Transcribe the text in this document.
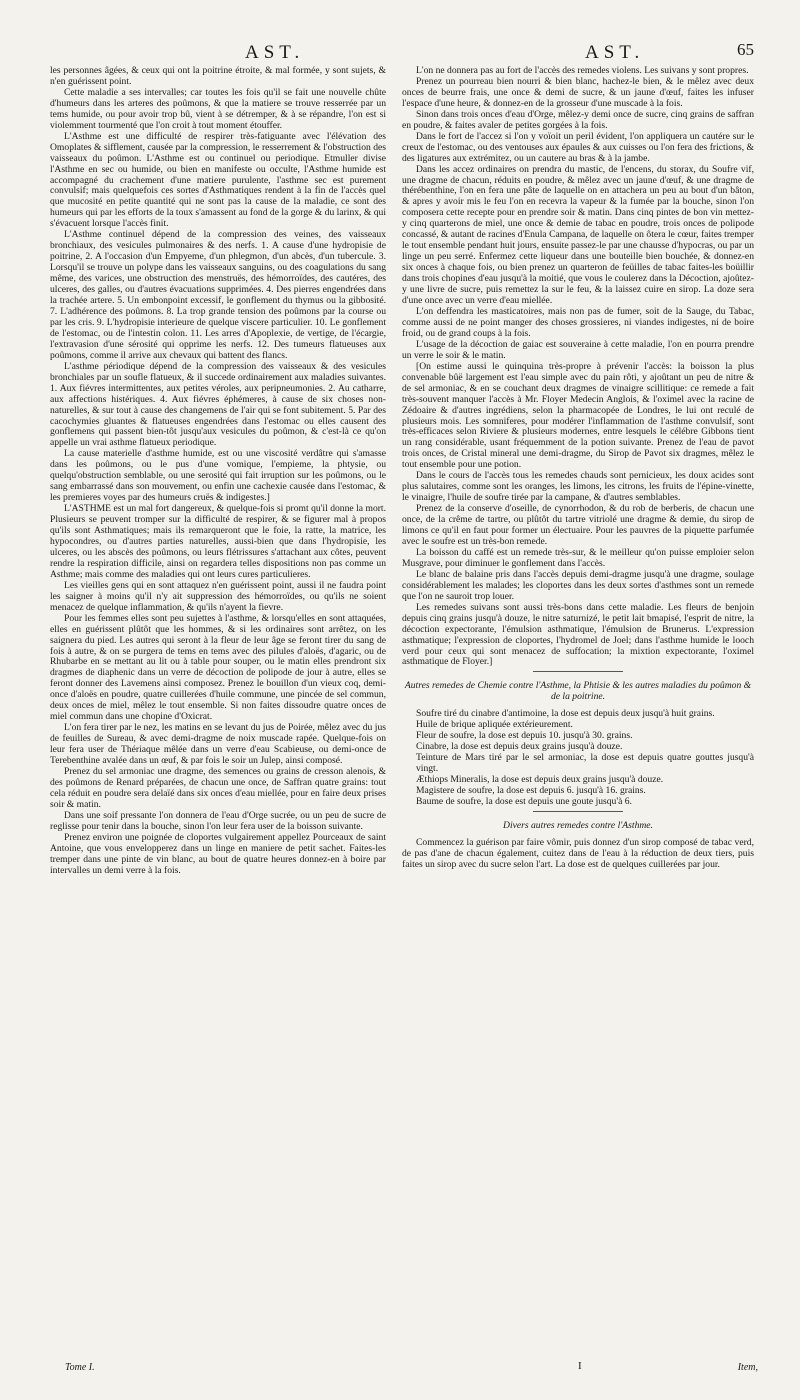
AST.	AST.	65

les personnes âgées, & ceux qui ont la poitrine étroite, & mal formée, y sont sujets, & n'en guérissent point.

Cette maladie a ses intervalles; car toutes les fois qu'il se fait une nouvelle chûte d'humeurs dans les arteres des poûmons, & que la matiere se trouve resserrée par un tems humide, ou pour avoir trop bû, vient à se détremper, & à se répandre, l'on est si violemment tourmenté que l'on croit à tout moment étouffer.

L'Asthme est une difficulté de respirer très-fatiguante avec l'élévation des Omoplates & sifflement, causée par la compression, le resserrement & l'obstruction des vaisseaux du poûmon. L'Asthme est ou continuel ou periodique. Etmuller divise l'Asthme en sec ou humide, ou bien en manifeste ou occulte, l'Asthme humide est accompagné du crachement d'une matiere purulente, l'asthme sec est purement convulsif; mais quelquefois ces sortes d'Asthmatiques rendent à la fin de l'accès quel que mucosité en petite quantité qui ne sont pas la cause de la maladie, ce sont des humeurs qui par les efforts de la toux s'amassent au fond de la gorge & du larinx, & qui s'évacuent lorsque l'accès finit.

L'Asthme continuel dépend de la compression des veines, des vaisseaux bronchiaux, des vesicules pulmonaires & des nerfs. 1. A cause d'une hydropisie de poitrine, 2. A l'occasion d'un Empyeme, d'un phlegmon, d'un abcès, d'un tubercule. 3. Lorsqu'il se trouve un polype dans les vaisseaux sanguins, ou des coagulations du sang même, des varices, une obstruction des menstruës, des hémorroïdes, des cautéres, des ulceres, des galles, ou d'autres évacuations supprimées. 4. Des pierres engendrées dans la trachée artere. 5. Un embonpoint excessif, le gonflement du thymus ou la gibbosité. 7. L'adhérence des poûmons. 8. La trop grande tension des poûmons par la course ou par les cris. 9. L'hydropisie interieure de quelque viscere particulier. 10. Le gonflement de l'estomac, ou de l'intestin colon. 11. Les arres d'Apoplexie, de vertige, de l'écargie, l'extravasion d'une sérosité qui opprime les nerfs. 12. Des tumeurs flatueuses aux poûmons, comme il arrive aux chevaux qui battent des flancs.

L'asthme périodique dépend de la compression des vaisseaux & des vesicules bronchiales par un soufle flatueux, & il succede ordinairement aux maladies suivantes. 1. Aux fiévres intermittentes, aux petites véroles, aux peripneumonies. 2. Au catharre, aux affections histériques. 4. Aux fiévres éphémeres, à cause de six choses non-naturelles, & sur tout à cause des changemens de l'air qui se font subitement. 5. Par des cacochymies gluantes & flatueuses engendrées dans l'estomac ou elles causent des gonflemens qui passent bien-tôt jusqu'aux vesicules du poûmon, & c'est-là ce qu'on appelle un vrai asthme flatueux periodique.

La cause materielle d'asthme humide, est ou une viscosité verdâtre qui s'amasse dans les poûmons, ou le pus d'une vomique, l'empieme, la phtysie, ou quelqu'obstruction semblable, ou une serosité qui fait irruption sur les poûmons, ou le sang embarrassé dans son mouvement, ou enfin une cachexie causée dans l'estomac, & les premieres voyes par des humeurs cruës & indigestes.]

L'ASTHME est un mal fort dangereux, & quelque-fois si promt qu'il donne la mort. Plusieurs se peuvent tromper sur la difficulté de respirer, & se figurer mal à propos qu'ils sont Asthmatiques; mais ils remarqueront que le foie, la ratte, la matrice, les hypocondres, ou d'autres parties naturelles, aussi-bien que dans l'hydropisie, les ulceres, ou les abscès des poûmons, ou leurs flétrissures s'attachant aux côtes, peuvent rendre la respiration difficile, ainsi on regardera telles dispositions non pas comme un Asthme; mais comme des maladies qui ont leurs cures particulieres.

Les vieilles gens qui en sont attaquez n'en guérissent point, aussi il ne faudra point les saigner à moins qu'il n'y ait suppression des hémorroïdes, ou qu'ils ne soient menacez de quelque inflammation, & qu'ils n'ayent la fievre.

Pour les femmes elles sont peu sujettes à l'asthme, & lorsqu'elles en sont attaquées, elles en guérissent plûtôt que les hommes, & si les ordinaires sont arrêtez, on les saignera du pied. Les autres qui seront à la fleur de leur âge se feront tirer du sang de fois à autre, & on se purgera de tems en tems avec des pilules d'aloës, d'agaric, ou de Rhubarbe en se mettant au lit ou à table pour souper, ou le matin elles prendront six dragmes de diaphenic dans un verre de décoction de polipode de jour à autre, elles se feront donner des Lavemens ainsi composez. Prenez le bouillon d'un vieux coq, demi-once d'aloës en poudre, quatre cuillerées d'huile commune, une pincée de sel commun, deux onces de miel, mêlez le tout ensemble. Si non faites dissoudre quatre onces de miel commun dans une chopine d'Oxicrat.

L'on fera tirer par le nez, les matins en se levant du jus de Poirée, mêlez avec du jus de feuilles de Sureau, & avec demi-dragme de noix muscade rapée. Quelque-fois on leur fera user de Thériaque mêlée dans un verre d'eau Scabieuse, ou demi-once de Terebenthine avalée dans un œuf, & par fois le soir un Julep, ainsi composé.

Prenez du sel armoniac une dragme, des semences ou grains de cresson alenois, & des poûmons de Renard préparées, de chacun une once, de Saffran quatre grains: tout cela réduit en poudre sera delaïé dans six onces d'eau miellée, pour en faire deux prises soir & matin.

Dans une soif pressante l'on donnera de l'eau d'Orge sucrée, ou un peu de sucre de reglisse pour tenir dans la bouche, sinon l'on leur fera user de la boisson suivante.

Prenez environ une poignée de cloportes vulgairement appellez Pourceaux de saint Antoine, que vous envelopperez dans un linge en maniere de petit sachet. Faites-les tremper dans une pinte de vin blanc, au bout de quatre heures donnez-en à boire par intervalles un demi verre à la fois.

L'on ne donnera pas au fort de l'accès des remedes violens. Les suivans y sont propres.

Prenez un pourreau bien nourri & bien blanc, hachez-le bien, & le mêlez avec deux onces de beurre frais, une once & demi de sucre, & un jaune d'œuf, faites les infuser l'espace d'une heure, & donnez-en de la grosseur d'une muscade à la fois.

Sinon dans trois onces d'eau d'Orge, mêlez-y demi once de sucre, cinq grains de saffran en poudre, & faites avaler de petites gorgées à la fois.

Dans le fort de l'accez si l'on y voïoit un peril évident, l'on appliquera un cautére sur le creux de l'estomac, ou des ventouses aux épaules & aux cuisses ou l'on fera des frictions, & des ligatures aux extrémitez, ou un cautere au bras & à la jambe.

Dans les accez ordinaires on prendra du mastic, de l'encens, du storax, du Soufre vif, une dragme de chacun, réduits en poudre, & mêlez avec un jaune d'œuf, & une dragme de thérébenthine, l'on en fera une pâte de laquelle on en attachera un peu au bout d'un bâton, & apres y avoir mis le feu l'on en recevra la vapeur & la fumée par la bouche, sinon l'on composera cette recepte pour en prendre soir & matin. Dans cinq pintes de bon vin mettez-y cinq quarterons de miel, une once & demie de tabac en poudre, trois onces de polipode concassé, & autant de racines d'Enula Campana, de laquelle on ôtera le cœur, faites tremper le tout ensemble pendant huit jours, ensuite passez-le par une chausse d'hypocras, ou par un linge un peu serré. Enfermez cette liqueur dans une bouteille bien bouchée, & donnez-en six onces à chaque fois, ou bien prenez un quarteron de feüilles de tabac faites-les boüillir dans trois chopines d'eau jusqu'à la moitié, que vous le coulerez dans la Décoction, ajoûtez-y une livre de sucre, puis remettez la sur le feu, & la laissez cuire en sirop. La doze sera d'une once avec un verre d'eau miellée.

L'on deffendra les masticatoires, mais non pas de fumer, soit de la Sauge, du Tabac, comme aussi de ne point manger des choses grossieres, ni viandes indigestes, ni de boire froid, ou de grand coups à la fois.

L'usage de la décoction de gaiac est souveraine à cette maladie, l'on en pourra prendre un verre le soir & le matin.

[On estime aussi le quinquina très-propre à prévenir l'accès: la boisson la plus convenable bûë largement est l'eau simple avec du pain rôti, y ajoûtant un peu de nitre & de sel armoniac, & en se couchant deux dragmes de vinaigre scillitique: ce remede a fait très-souvent manquer l'accès à Mr. Floyer Medecin Anglois, & l'oximel avec la racine de Zédoaire & d'autres ingrédiens, selon la pharmacopée de Londres, le lui ont reculé de plusieurs mois. Les somniferes, pour modérer l'inflammation de l'asthme convulsif, sont très-efficaces selon Riviere & plusieurs modernes, entre lesquels le célébre Gibbons tient un rang considérable, usant fréquemment de la potion suivante. Prenez de l'eau de pavot trois onces, de Cristal mineral une demi-dragme, du Sirop de Pavot six dragmes, mêlez le tout ensemble pour une potion.

Dans le cours de l'accès tous les remedes chauds sont pernicieux, les doux acides sont plus salutaires, comme sont les oranges, les limons, les citrons, les fruits de l'épine-vinette, le vinaigre, l'huile de soufre tirée par la campane, & d'autres semblables.

Prenez de la conserve d'oseille, de cynorrhodon, & du rob de berberis, de chacun une once, de la crême de tartre, ou plûtôt du tartre vitriolé une dragme & demie, du sirop de limons ce qu'il en faut pour former un électuaire. Pour les pauvres de la piquette parfumée avec le soufre est un très-bon remede.

La boisson du caffé est un remede très-sur, & le meilleur qu'on puisse emploier selon Musgrave, pour diminuer le gonflement dans l'accès.

Le blanc de balaine pris dans l'accès depuis demi-dragme jusqu'à une dragme, soulage considérablement les malades; les cloportes dans les deux sortes d'asthmes sont un remede que l'on ne sauroit trop louer.

Les remedes suivans sont aussi très-bons dans cette maladie. Les fleurs de benjoin depuis cinq grains jusqu'à douze, le nitre saturnizé, le petit lait bmapisé, l'esprit de nitre, la décoction expectorante, l'émulsion asthmatique, l'émulsion de Brunerus. L'expression asthmatique; l'expression de cloportes, l'hydromel de Joel; dans l'asthme humide le looch verd pour ceux qui sont menacez de suffocation; la mixtion expectorante, l'oximel asthmatique de Floyer.]

Autres remedes de Chemie contre l'Asthme, la Phtisie & les autres maladies du poûmon & de la poitrine.

Soufre tiré du cinabre d'antimoine, la dose est depuis deux jusqu'à huit grains.

Huile de brique apliquée extérieurement.

Fleur de soufre, la dose est depuis 10. jusqu'à 30. grains.

Cinabre, la dose est depuis deux grains jusqu'à douze.

Teinture de Mars tiré par le sel armoniac, la dose est depuis quatre gouttes jusqu'à vingt.

Æthiops Mineralis, la dose est depuis deux grains jusqu'à douze.

Magistere de soufre, la dose est depuis 6. jusqu'à 16. grains.

Baume de soufre, la dose est depuis une goute jusqu'à 6.

Divers autres remedes contre l'Asthme.

Commencez la guérison par faire vômir, puis donnez d'un sirop composé de tabac verd, de pas d'ane de chacun également, cuitez dans de l'eau à la réduction de deux tiers, puis faites un sirop avec du sucre selon l'art. La dose est de quelques cuillerées par jour.

Tome I.	I	Item,
